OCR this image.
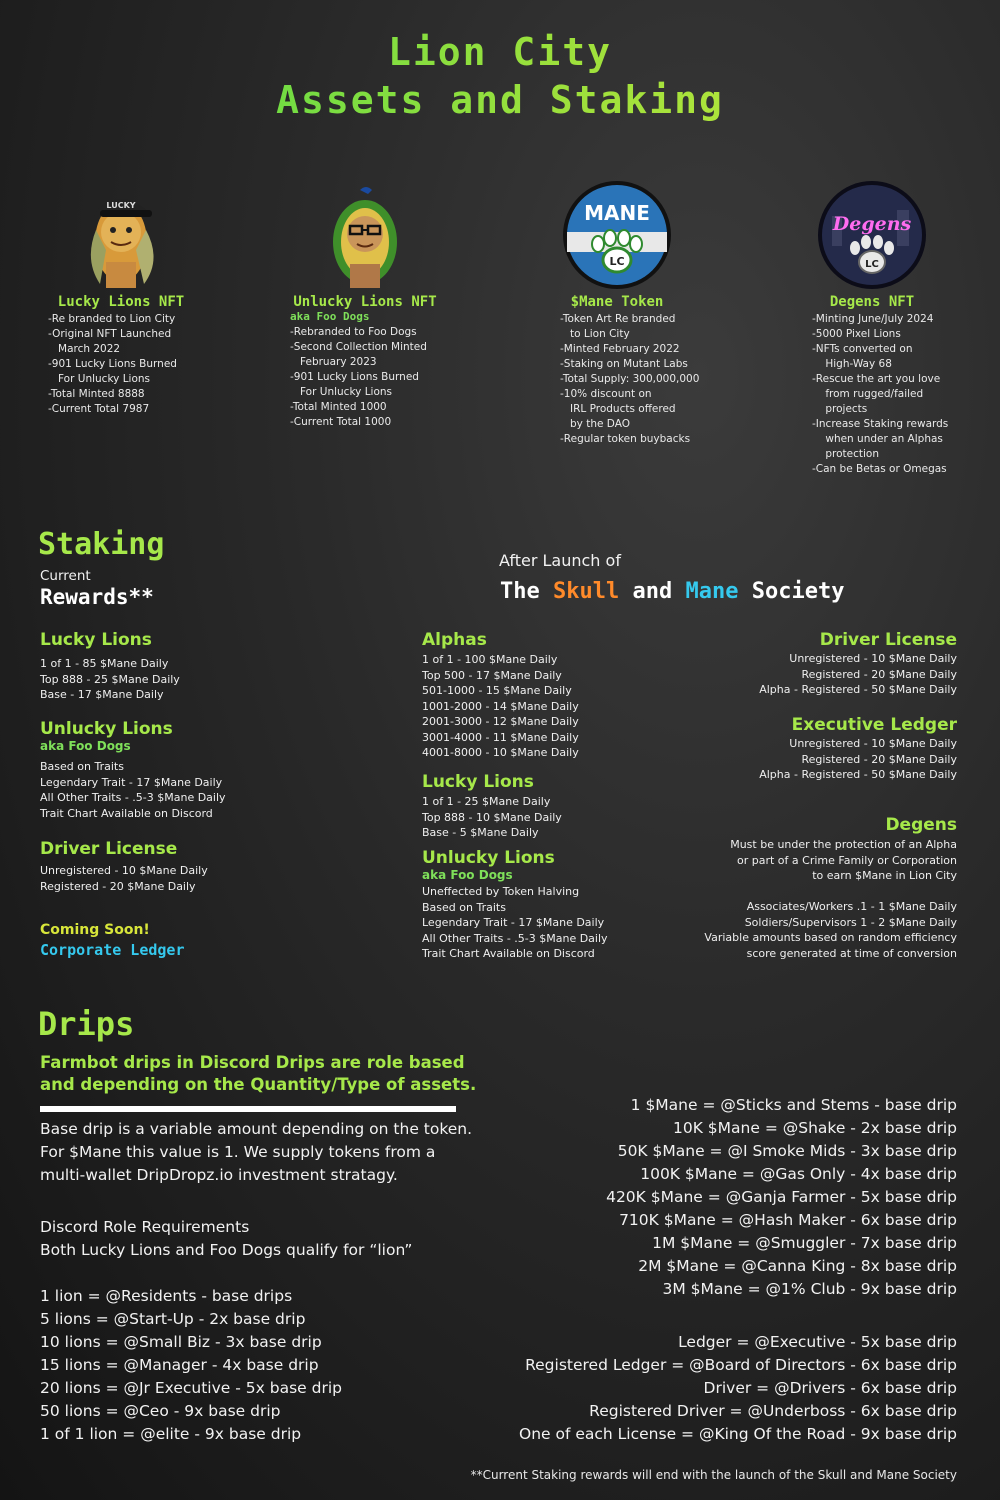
Lion City
Assets and Staking
LUCKY
Lucky Lions NFT
-Re branded to Lion City
-Original NFT Launched
March 2022
-901 Lucky Lions Burned
For Unlucky Lions
-Total Minted 8888
-Current Total 7987
Unlucky Lions NFT
aka Foo Dogs
-Rebranded to Foo Dogs
-Second Collection Minted
February 2023
-901 Lucky Lions Burned
For Unlucky Lions
-Total Minted 1000
-Current Total 1000
MANE
LC
$Mane Token
-Token Art Re branded
to Lion City
-Minted February 2022
-Staking on Mutant Labs
-Total Supply: 300,000,000
-10% discount on
IRL Products offered
by the DAO
-Regular token buybacks
Degens
LC
Degens NFT
-Minting June/July 2024
-5000 Pixel Lions
-NFTs converted on
High-Way 68
-Rescue the art you love
from rugged/failed
projects
-Increase Staking rewards
when under an Alphas
protection
-Can be Betas or Omegas
Staking
Current
Rewards**
After Launch of
The Skull and Mane Society
Lucky Lions
1 of 1 - 85 $Mane Daily
Top 888 - 25 $Mane Daily
Base - 17 $Mane Daily
Unlucky Lions
aka Foo Dogs
Based on Traits
Legendary Trait - 17 $Mane Daily
All Other Traits - .5-3 $Mane Daily
Trait Chart Available on Discord
Driver License
Unregistered - 10 $Mane Daily
Registered - 20 $Mane Daily
Coming Soon!
Corporate Ledger
Alphas
1 of 1 - 100 $Mane Daily
Top 500 - 17 $Mane Daily
501-1000 - 15 $Mane Daily
1001-2000 - 14 $Mane Daily
2001-3000 - 12 $Mane Daily
3001-4000 - 11 $Mane Daily
4001-8000 - 10 $Mane Daily
Lucky Lions
1 of 1 - 25 $Mane Daily
Top 888 - 10 $Mane Daily
Base - 5 $Mane Daily
Unlucky Lions
aka Foo Dogs
Uneffected by Token Halving
Based on Traits
Legendary Trait - 17 $Mane Daily
All Other Traits - .5-3 $Mane Daily
Trait Chart Available on Discord
Driver License
Unregistered - 10 $Mane Daily
Registered - 20 $Mane Daily
Alpha - Registered - 50 $Mane Daily
Executive Ledger
Unregistered - 10 $Mane Daily
Registered - 20 $Mane Daily
Alpha - Registered - 50 $Mane Daily
Degens
Must be under the protection of an Alpha
or part of a Crime Family or Corporation
to earn $Mane in Lion City
Associates/Workers .1 - 1 $Mane Daily
Soldiers/Supervisors 1 - 2 $Mane Daily
Variable amounts based on random efficiency
score generated at time of conversion
Drips
Farmbot drips in Discord Drips are role based
and depending on the Quantity/Type of assets.
Base drip is a variable amount depending on the token.
For $Mane this value is 1. We supply tokens from a
multi-wallet DripDropz.io investment stratagy.
Discord Role Requirements
Both Lucky Lions and Foo Dogs qualify for “lion”
1 lion = @Residents - base drips
5 lions = @Start-Up - 2x base drip
10 lions = @Small Biz - 3x base drip
15 lions = @Manager - 4x base drip
20 lions = @Jr Executive - 5x base drip
50 lions = @Ceo - 9x base drip
1 of 1 lion = @elite - 9x base drip
1 $Mane = @Sticks and Stems - base drip
10K $Mane = @Shake - 2x base drip
50K $Mane = @I Smoke Mids - 3x base drip
100K $Mane = @Gas Only - 4x base drip
420K $Mane = @Ganja Farmer - 5x base drip
710K $Mane = @Hash Maker - 6x base drip
1M $Mane = @Smuggler - 7x base drip
2M $Mane = @Canna King - 8x base drip
3M $Mane = @1% Club - 9x base drip
Ledger = @Executive - 5x base drip
Registered Ledger = @Board of Directors - 6x base drip
Driver = @Drivers - 6x base drip
Registered Driver = @Underboss - 6x base drip
One of each License = @King Of the Road - 9x base drip
**Current Staking rewards will end with the launch of the Skull and Mane Society
